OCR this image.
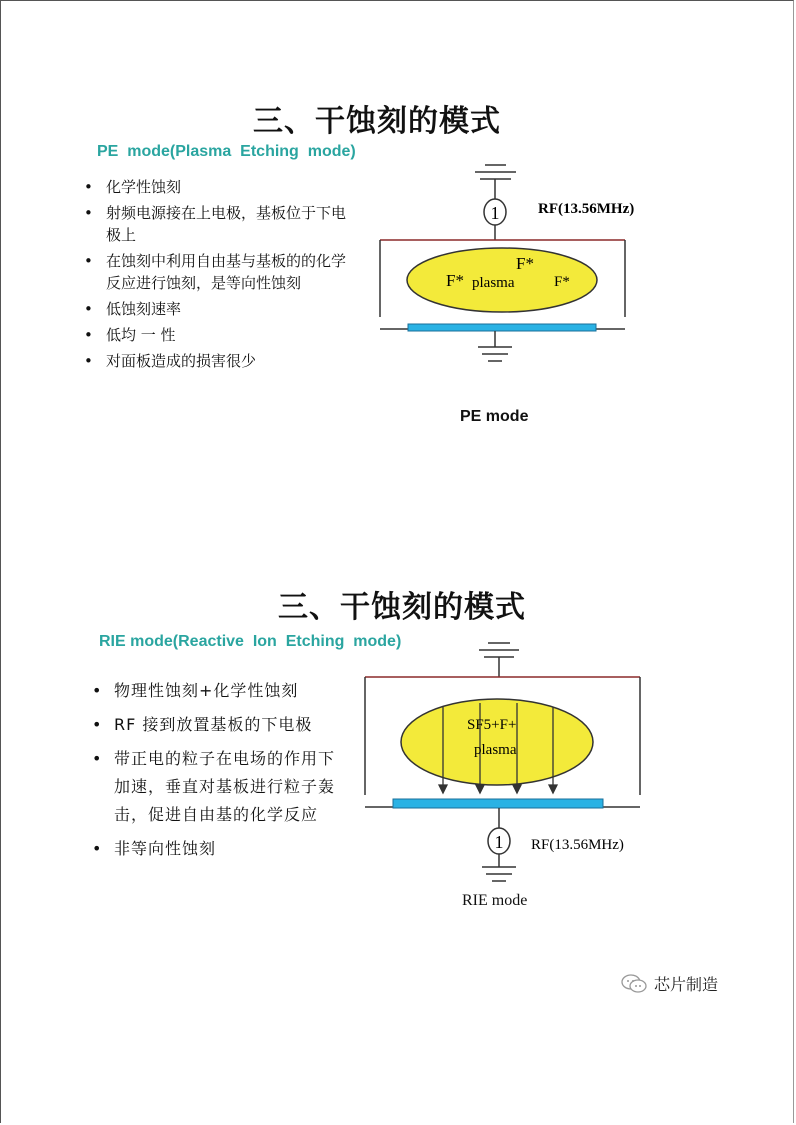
三、干蚀刻的模式
PE  mode(Plasma  Etching  mode)
• 化学性蚀刻
• 射频电源接在上电极，基板位于下电极上
• 在蚀刻中利用自由基与基板的的化学反应进行蚀刻，是等向性蚀刻
• 低蚀刻速率
• 低均 一 性
• 对面板造成的损害很少
1	RF(13.56MHz)
F* plasma
F*
F*
PE mode
三、干蚀刻的模式
RIE mode(Reactive  Ion  Etching  mode)
• 物理性蚀刻+化学性蚀刻
• RF 接到放置基板的下电极
• 带正电的粒子在电场的作用下加速，垂直对基板进行粒子轰击，促进自由基的化学反应
• 非等向性蚀刻
SF5+F+
plasma
1 RF(13.56MHz)
RIE mode
芯片制造
